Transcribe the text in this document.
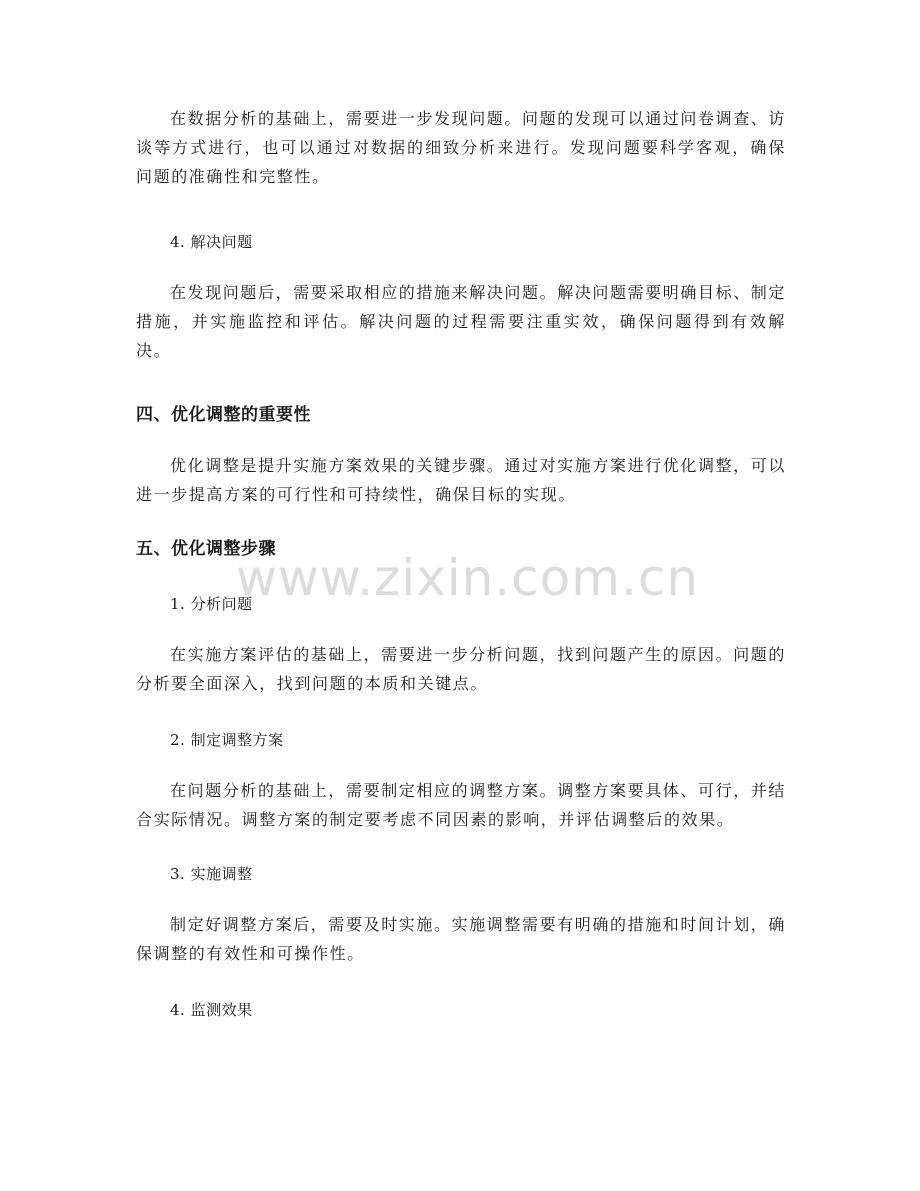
在数据分析的基础上，需要进一步发现问题。问题的发现可以通过问卷调查、访谈等方式进行，也可以通过对数据的细致分析来进行。发现问题要科学客观，确保问题的准确性和完整性。

4. 解决问题

在发现问题后，需要采取相应的措施来解决问题。解决问题需要明确目标、制定措施，并实施监控和评估。解决问题的过程需要注重实效，确保问题得到有效解决。

四、优化调整的重要性

优化调整是提升实施方案效果的关键步骤。通过对实施方案进行优化调整，可以进一步提高方案的可行性和可持续性，确保目标的实现。

五、优化调整步骤

1. 分析问题

在实施方案评估的基础上，需要进一步分析问题，找到问题产生的原因。问题的分析要全面深入，找到问题的本质和关键点。

2. 制定调整方案

在问题分析的基础上，需要制定相应的调整方案。调整方案要具体、可行，并结合实际情况。调整方案的制定要考虑不同因素的影响，并评估调整后的效果。

3. 实施调整

制定好调整方案后，需要及时实施。实施调整需要有明确的措施和时间计划，确保调整的有效性和可操作性。

4. 监测效果

www.zixin.com.cn
